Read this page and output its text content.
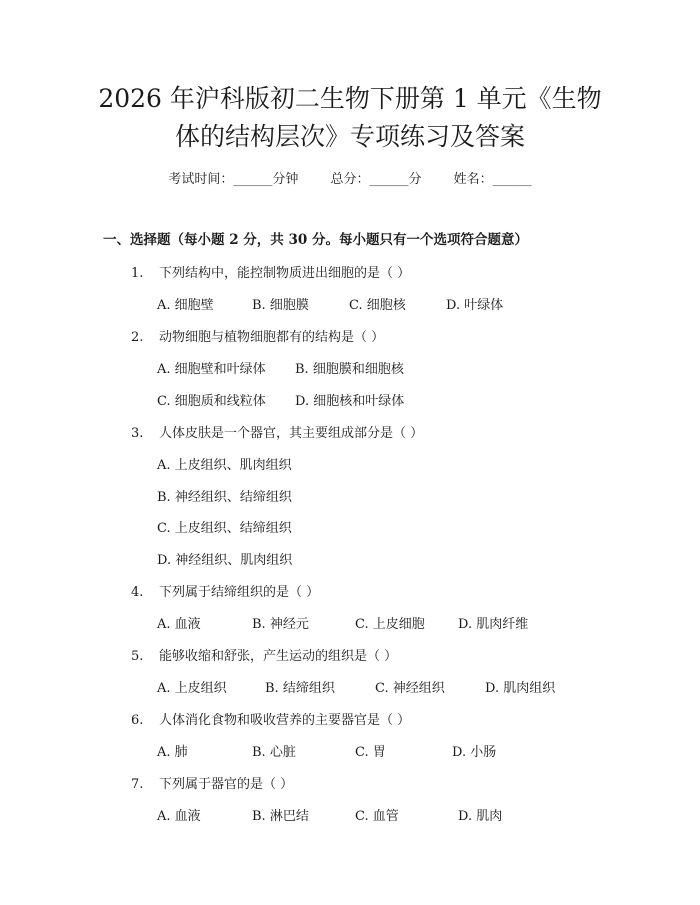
2026 年沪科版初二生物下册第 1 单元《生物
体的结构层次》专项练习及答案
考试时间：______分钟 总分：______分 姓名：______
一、选择题（每小题 2 分，共 30 分。每小题只有一个选项符合题意）
1. 下列结构中，能控制物质进出细胞的是（ ）
A. 细胞壁	B. 细胞膜	C. 细胞核	D. 叶绿体
2. 动物细胞与植物细胞都有的结构是（ ）
A. 细胞壁和叶绿体 B. 细胞膜和细胞核
C. 细胞质和线粒体 D. 细胞核和叶绿体
3. 人体皮肤是一个器官，其主要组成部分是（ ）
A. 上皮组织、肌肉组织
B. 神经组织、结缔组织
C. 上皮组织、结缔组织
D. 神经组织、肌肉组织
4. 下列属于结缔组织的是（ ）
A. 血液	B. 神经元	C. 上皮细胞	D. 肌肉纤维
5. 能够收缩和舒张，产生运动的组织是（ ）
A. 上皮组织	B. 结缔组织	C. 神经组织	D. 肌肉组织
6. 人体消化食物和吸收营养的主要器官是（ ）
A. 肺	B. 心脏	C. 胃	D. 小肠
7. 下列属于器官的是（ ）
A. 血液	B. 淋巴结	C. 血管	D. 肌肉
